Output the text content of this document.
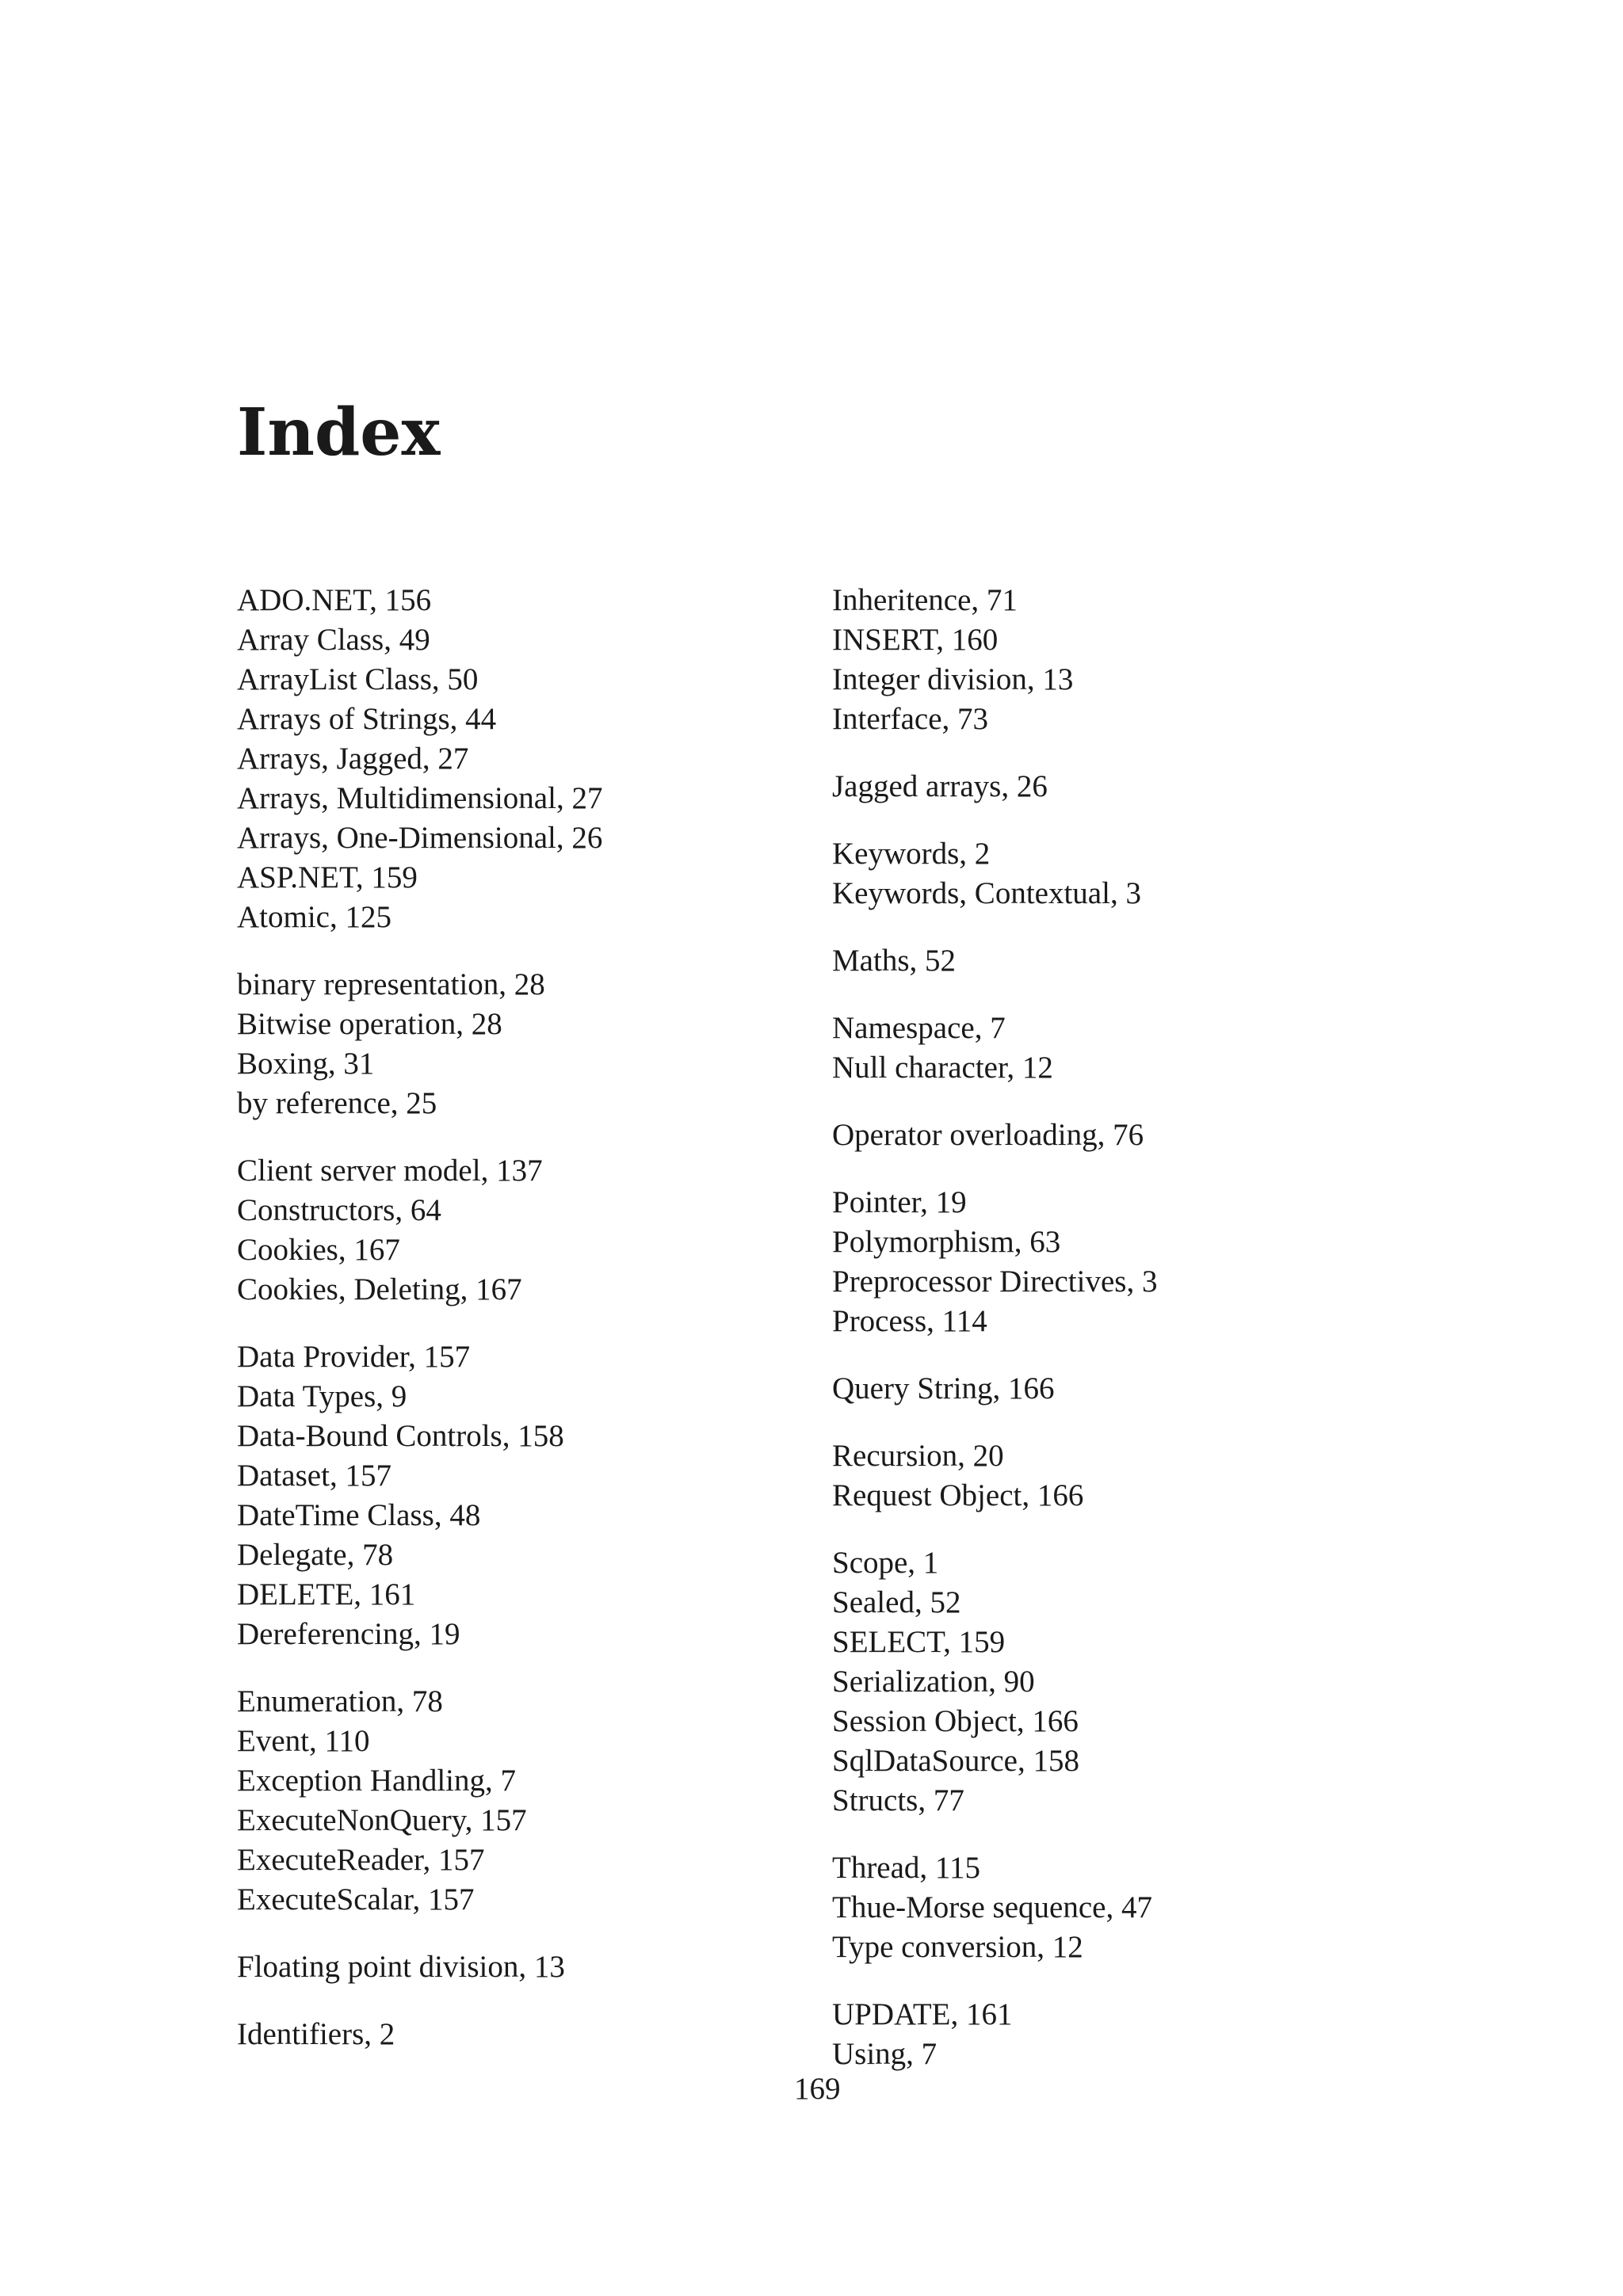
Index
ADO.NET, 156
Array Class, 49
ArrayList Class, 50
Arrays of Strings, 44
Arrays, Jagged, 27
Arrays, Multidimensional, 27
Arrays, One-Dimensional, 26
ASP.NET, 159
Atomic, 125
binary representation, 28
Bitwise operation, 28
Boxing, 31
by reference, 25
Client server model, 137
Constructors, 64
Cookies, 167
Cookies, Deleting, 167
Data Provider, 157
Data Types, 9
Data-Bound Controls, 158
Dataset, 157
DateTime Class, 48
Delegate, 78
DELETE, 161
Dereferencing, 19
Enumeration, 78
Event, 110
Exception Handling, 7
ExecuteNonQuery, 157
ExecuteReader, 157
ExecuteScalar, 157
Floating point division, 13
Identifiers, 2
Inheritence, 71
INSERT, 160
Integer division, 13
Interface, 73
Jagged arrays, 26
Keywords, 2
Keywords, Contextual, 3
Maths, 52
Namespace, 7
Null character, 12
Operator overloading, 76
Pointer, 19
Polymorphism, 63
Preprocessor Directives, 3
Process, 114
Query String, 166
Recursion, 20
Request Object, 166
Scope, 1
Sealed, 52
SELECT, 159
Serialization, 90
Session Object, 166
SqlDataSource, 158
Structs, 77
Thread, 115
Thue-Morse sequence, 47
Type conversion, 12
UPDATE, 161
Using, 7
169
